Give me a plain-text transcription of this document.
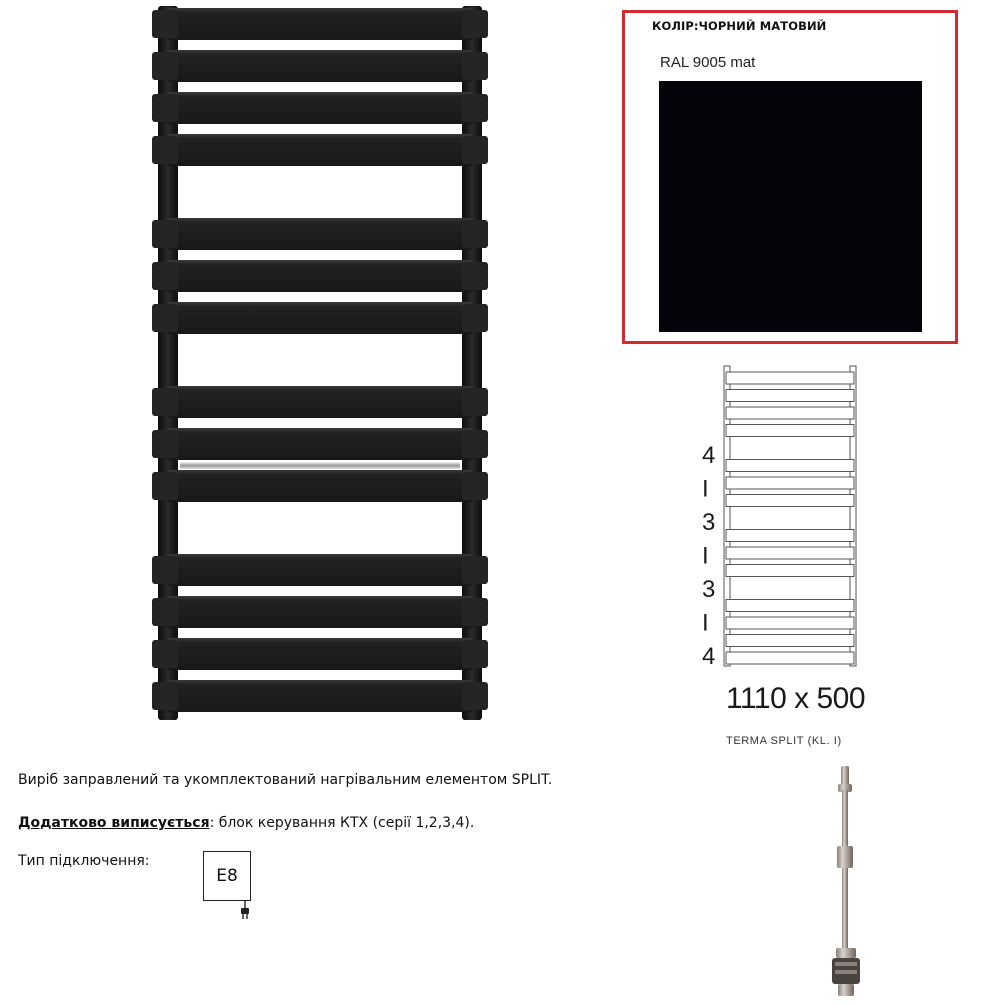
КОЛІР:ЧОРНИЙ МАТОВИЙ
RAL 9005 mat
4
I
3
I
3
I
4
1110 x 500
TERMA SPLIT (KL. I)
Виріб заправлений та укомплектований нагрівальним елементом SPLIT.
Додатково виписується: блок керування КТХ (серії 1,2,3,4).
Тип підключення:
E8
